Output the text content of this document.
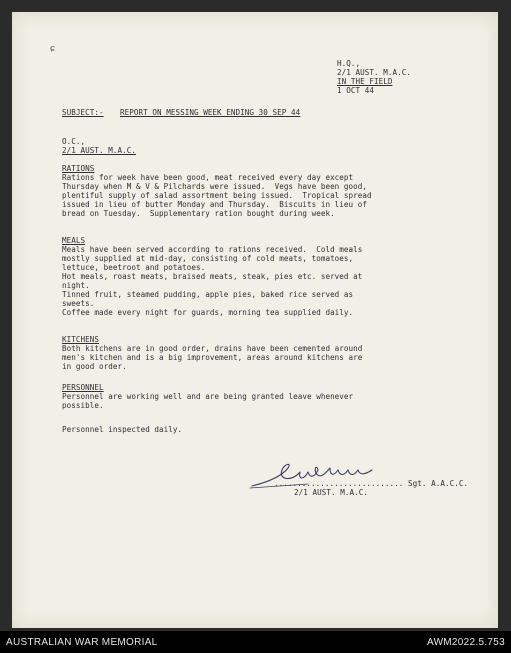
ɕ

H.Q.,

2/1 AUST. M.A.C.

IN THE FIELD

1 OCT 44

SUBJECT:- REPORT ON MESSING WEEK ENDING 30 SEP 44

O.C.,

2/1 AUST. M.A.C.

RATIONS

Rations for week have been good, meat received every day except

Thursday when M & V & Pilchards were issued.  Vegs have been good,

plentiful supply of salad assortment being issued.  Tropical spread

issued in lieu of butter Monday and Thursday.  Biscuits in lieu of

bread on Tuesday.  Supplementary ration bought during week.

MEALS

Meals have been served according to rations received.  Cold meals

mostly supplied at mid-day, consisting of cold meats, tomatoes,

lettuce, beetroot and potatoes.

Hot meals, roast meats, braised meats, steak, pies etc. served at

night.

Tinned fruit, steamed pudding, apple pies, baked rice served as

sweets.

Coffee made every night for guards, morning tea supplied daily.

KITCHENS

Both kitchens are in good order, drains have been cemented around

men's kitchen and is a big improvement, areas around kitchens are

in good order.

PERSONNEL

Personnel are working well and are being granted leave whenever

possible.

Personnel inspected daily.

............................ Sgt. A.A.C.C.

2/1 AUST. M.A.C.

AUSTRALIAN WAR MEMORIAL	AWM2022.5.753
